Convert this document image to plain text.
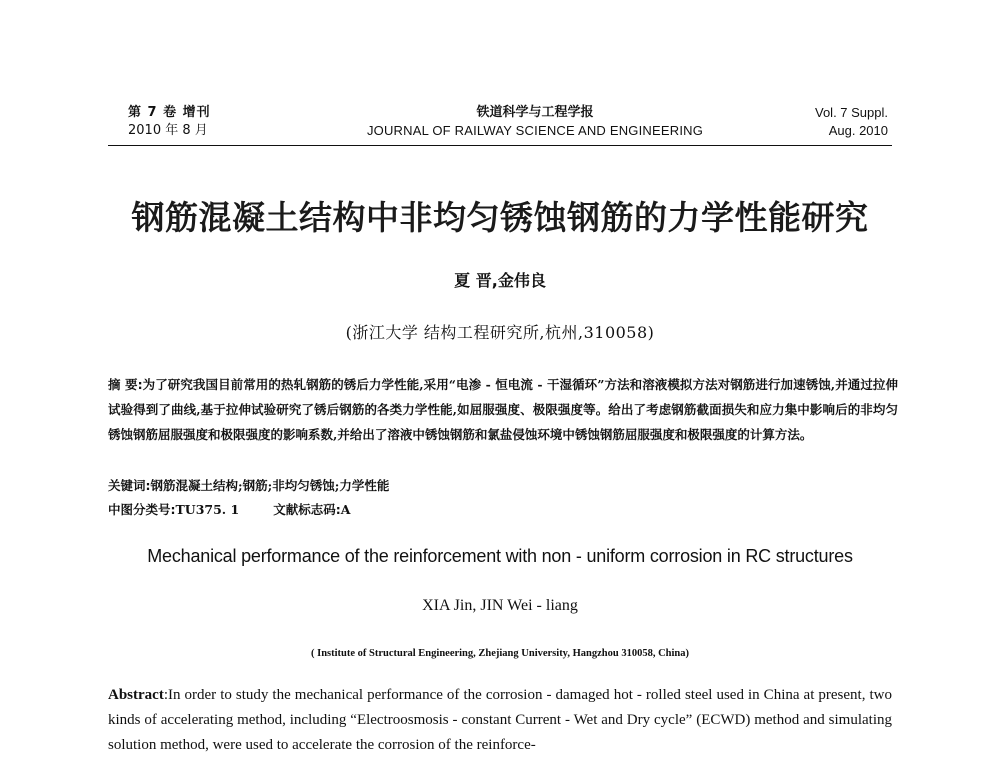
第 7 卷 增刊
2010 年 8 月
铁道科学与工程学报
JOURNAL OF RAILWAY SCIENCE AND ENGINEERING
Vol. 7 Suppl.
Aug. 2010
钢筋混凝土结构中非均匀锈蚀钢筋的力学性能研究
夏 晋,金伟良
(浙江大学 结构工程研究所,杭州,310058)
摘 要:为了研究我国目前常用的热轧钢筋的锈后力学性能,采用“电渗 - 恒电流 - 干湿循环”方法和溶液模拟方法对钢筋进行加速锈蚀,并通过拉伸试验得到了曲线,基于拉伸试验研究了锈后钢筋的各类力学性能,如屈服强度、极限强度等。给出了考虑钢筋截面损失和应力集中影响后的非均匀锈蚀钢筋屈服强度和极限强度的影响系数,并给出了溶液中锈蚀钢筋和氯盐侵蚀环境中锈蚀钢筋屈服强度和极限强度的计算方法。
关键词:钢筋混凝土结构;钢筋;非均匀锈蚀;力学性能
中图分类号:TU375. 1	文献标志码:A
Mechanical performance of the reinforcement with non - uniform corrosion in RC structures
XIA Jin, JIN Wei - liang
( Institute of Structural Engineering, Zhejiang University, Hangzhou 310058, China)
Abstract:In order to study the mechanical performance of the corrosion - damaged hot - rolled steel used in China at present, two kinds of accelerating method, including “Electroosmosis - constant Current - Wet and Dry cycle” (ECWD) method and simulating solution method, were used to accelerate the corrosion of the reinforce-
